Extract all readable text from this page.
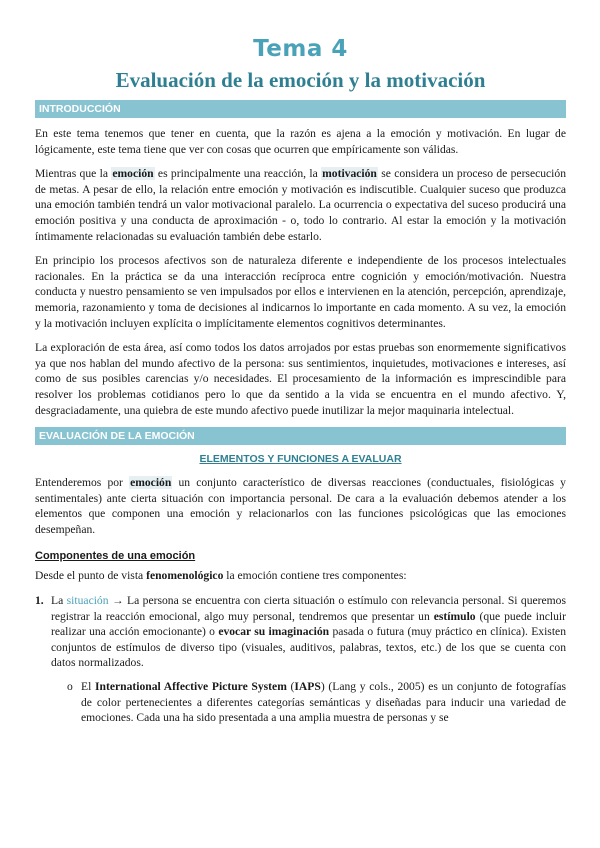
Tema 4
Evaluación de la emoción y la motivación
INTRODUCCIÓN

En este tema tenemos que tener en cuenta, que la razón es ajena a la emoción y motivación. En lugar de lógicamente, este tema tiene que ver con cosas que ocurren que empíricamente son válidas.

Mientras que la emoción es principalmente una reacción, la motivación se considera un proceso de persecución de metas. A pesar de ello, la relación entre emoción y motivación es indiscutible. Cualquier suceso que produzca una emoción también tendrá un valor motivacional paralelo. La ocurrencia o expectativa del suceso producirá una emoción positiva y una conducta de aproximación - o, todo lo contrario. Al estar la emoción y la motivación íntimamente relacionadas su evaluación también debe estarlo.

En principio los procesos afectivos son de naturaleza diferente e independiente de los procesos intelectuales racionales. En la práctica se da una interacción recíproca entre cognición y emoción/motivación. Nuestra conducta y nuestro pensamiento se ven impulsados por ellos e intervienen en la atención, percepción, aprendizaje, memoria, razonamiento y toma de decisiones al indicarnos lo importante en cada momento. A su vez, la emoción y la motivación incluyen explícita o implícitamente elementos cognitivos determinantes.

La exploración de esta área, así como todos los datos arrojados por estas pruebas son enormemente significativos ya que nos hablan del mundo afectivo de la persona: sus sentimientos, inquietudes, motivaciones e intereses, así como de sus posibles carencias y/o necesidades. El procesamiento de la información es imprescindible para resolver los problemas cotidianos pero lo que da sentido a la vida se encuentra en el mundo afectivo. Y, desgraciadamente, una quiebra de este mundo afectivo puede inutilizar la mejor maquinaria intelectual.

EVALUACIÓN DE LA EMOCIÓN
ELEMENTOS Y FUNCIONES A EVALUAR

Entenderemos por emoción un conjunto característico de diversas reacciones (conductuales, fisiológicas y sentimentales) ante cierta situación con importancia personal. De cara a la evaluación debemos atender a los elementos que componen una emoción y relacionarlos con las funciones psicológicas que las emociones desempeñan.

Componentes de una emoción

Desde el punto de vista fenomenológico la emoción contiene tres componentes:

1. La situación → La persona se encuentra con cierta situación o estímulo con relevancia personal. Si queremos registrar la reacción emocional, algo muy personal, tendremos que presentar un estímulo (que puede incluir realizar una acción emocionante) o evocar su imaginación pasada o futura (muy práctico en clínica). Existen conjuntos de estímulos de diverso tipo (visuales, auditivos, palabras, textos, etc.) de los que se cuenta con datos normalizados.
o El International Affective Picture System (IAPS) (Lang y cols., 2005) es un conjunto de fotografías de color pertenecientes a diferentes categorías semánticas y diseñadas para inducir una variedad de emociones. Cada una ha sido presentada a una amplia muestra de personas y se
